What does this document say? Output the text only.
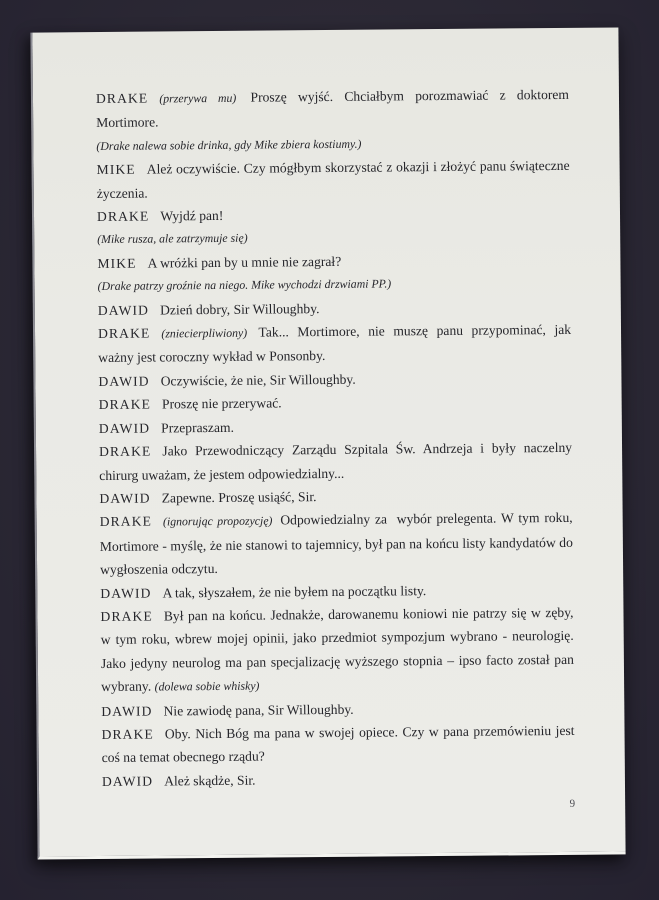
DRAKE (przerywa mu) Proszę wyjść. Chciałbym porozmawiać z doktorem Mortimore.

(Drake nalewa sobie drinka, gdy Mike zbiera kostiumy.)

MIKE Ależ oczywiście. Czy mógłbym skorzystać z okazji i złożyć panu świąteczne życzenia.

DRAKE Wyjdź pan!

(Mike rusza, ale zatrzymuje się)

MIKE A wróżki pan by u mnie nie zagrał?

(Drake patrzy groźnie na niego. Mike wychodzi drzwiami PP.)

DAWID Dzień dobry, Sir Willoughby.

DRAKE (zniecierpliwiony) Tak... Mortimore, nie muszę panu przypominać, jak ważny jest coroczny wykład w Ponsonby.

DAWID Oczywiście, że nie, Sir Willoughby.

DRAKE Proszę nie przerywać.

DAWID Przepraszam.

DRAKE Jako Przewodniczący Zarządu Szpitala Św. Andrzeja i były naczelny chirurg uważam, że jestem odpowiedzialny...

DAWID Zapewne. Proszę usiąść, Sir.

DRAKE (ignorując propozycję) Odpowiedzialny za  wybór prelegenta. W tym roku, Mortimore - myślę, że nie stanowi to tajemnicy, był pan na końcu listy kandydatów do wygłoszenia odczytu.

DAWID A tak, słyszałem, że nie byłem na początku listy.

DRAKE Był pan na końcu. Jednakże, darowanemu koniowi nie patrzy się w zęby, w tym roku, wbrew mojej opinii, jako przedmiot sympozjum wybrano - neurologię. Jako jedyny neurolog ma pan specjalizację wyższego stopnia – ipso facto został pan wybrany. (dolewa sobie whisky)

DAWID Nie zawiodę pana, Sir Willoughby.

DRAKE Oby. Nich Bóg ma pana w swojej opiece. Czy w pana przemówieniu jest coś na temat obecnego rządu?

DAWID Ależ skądże, Sir.

9
